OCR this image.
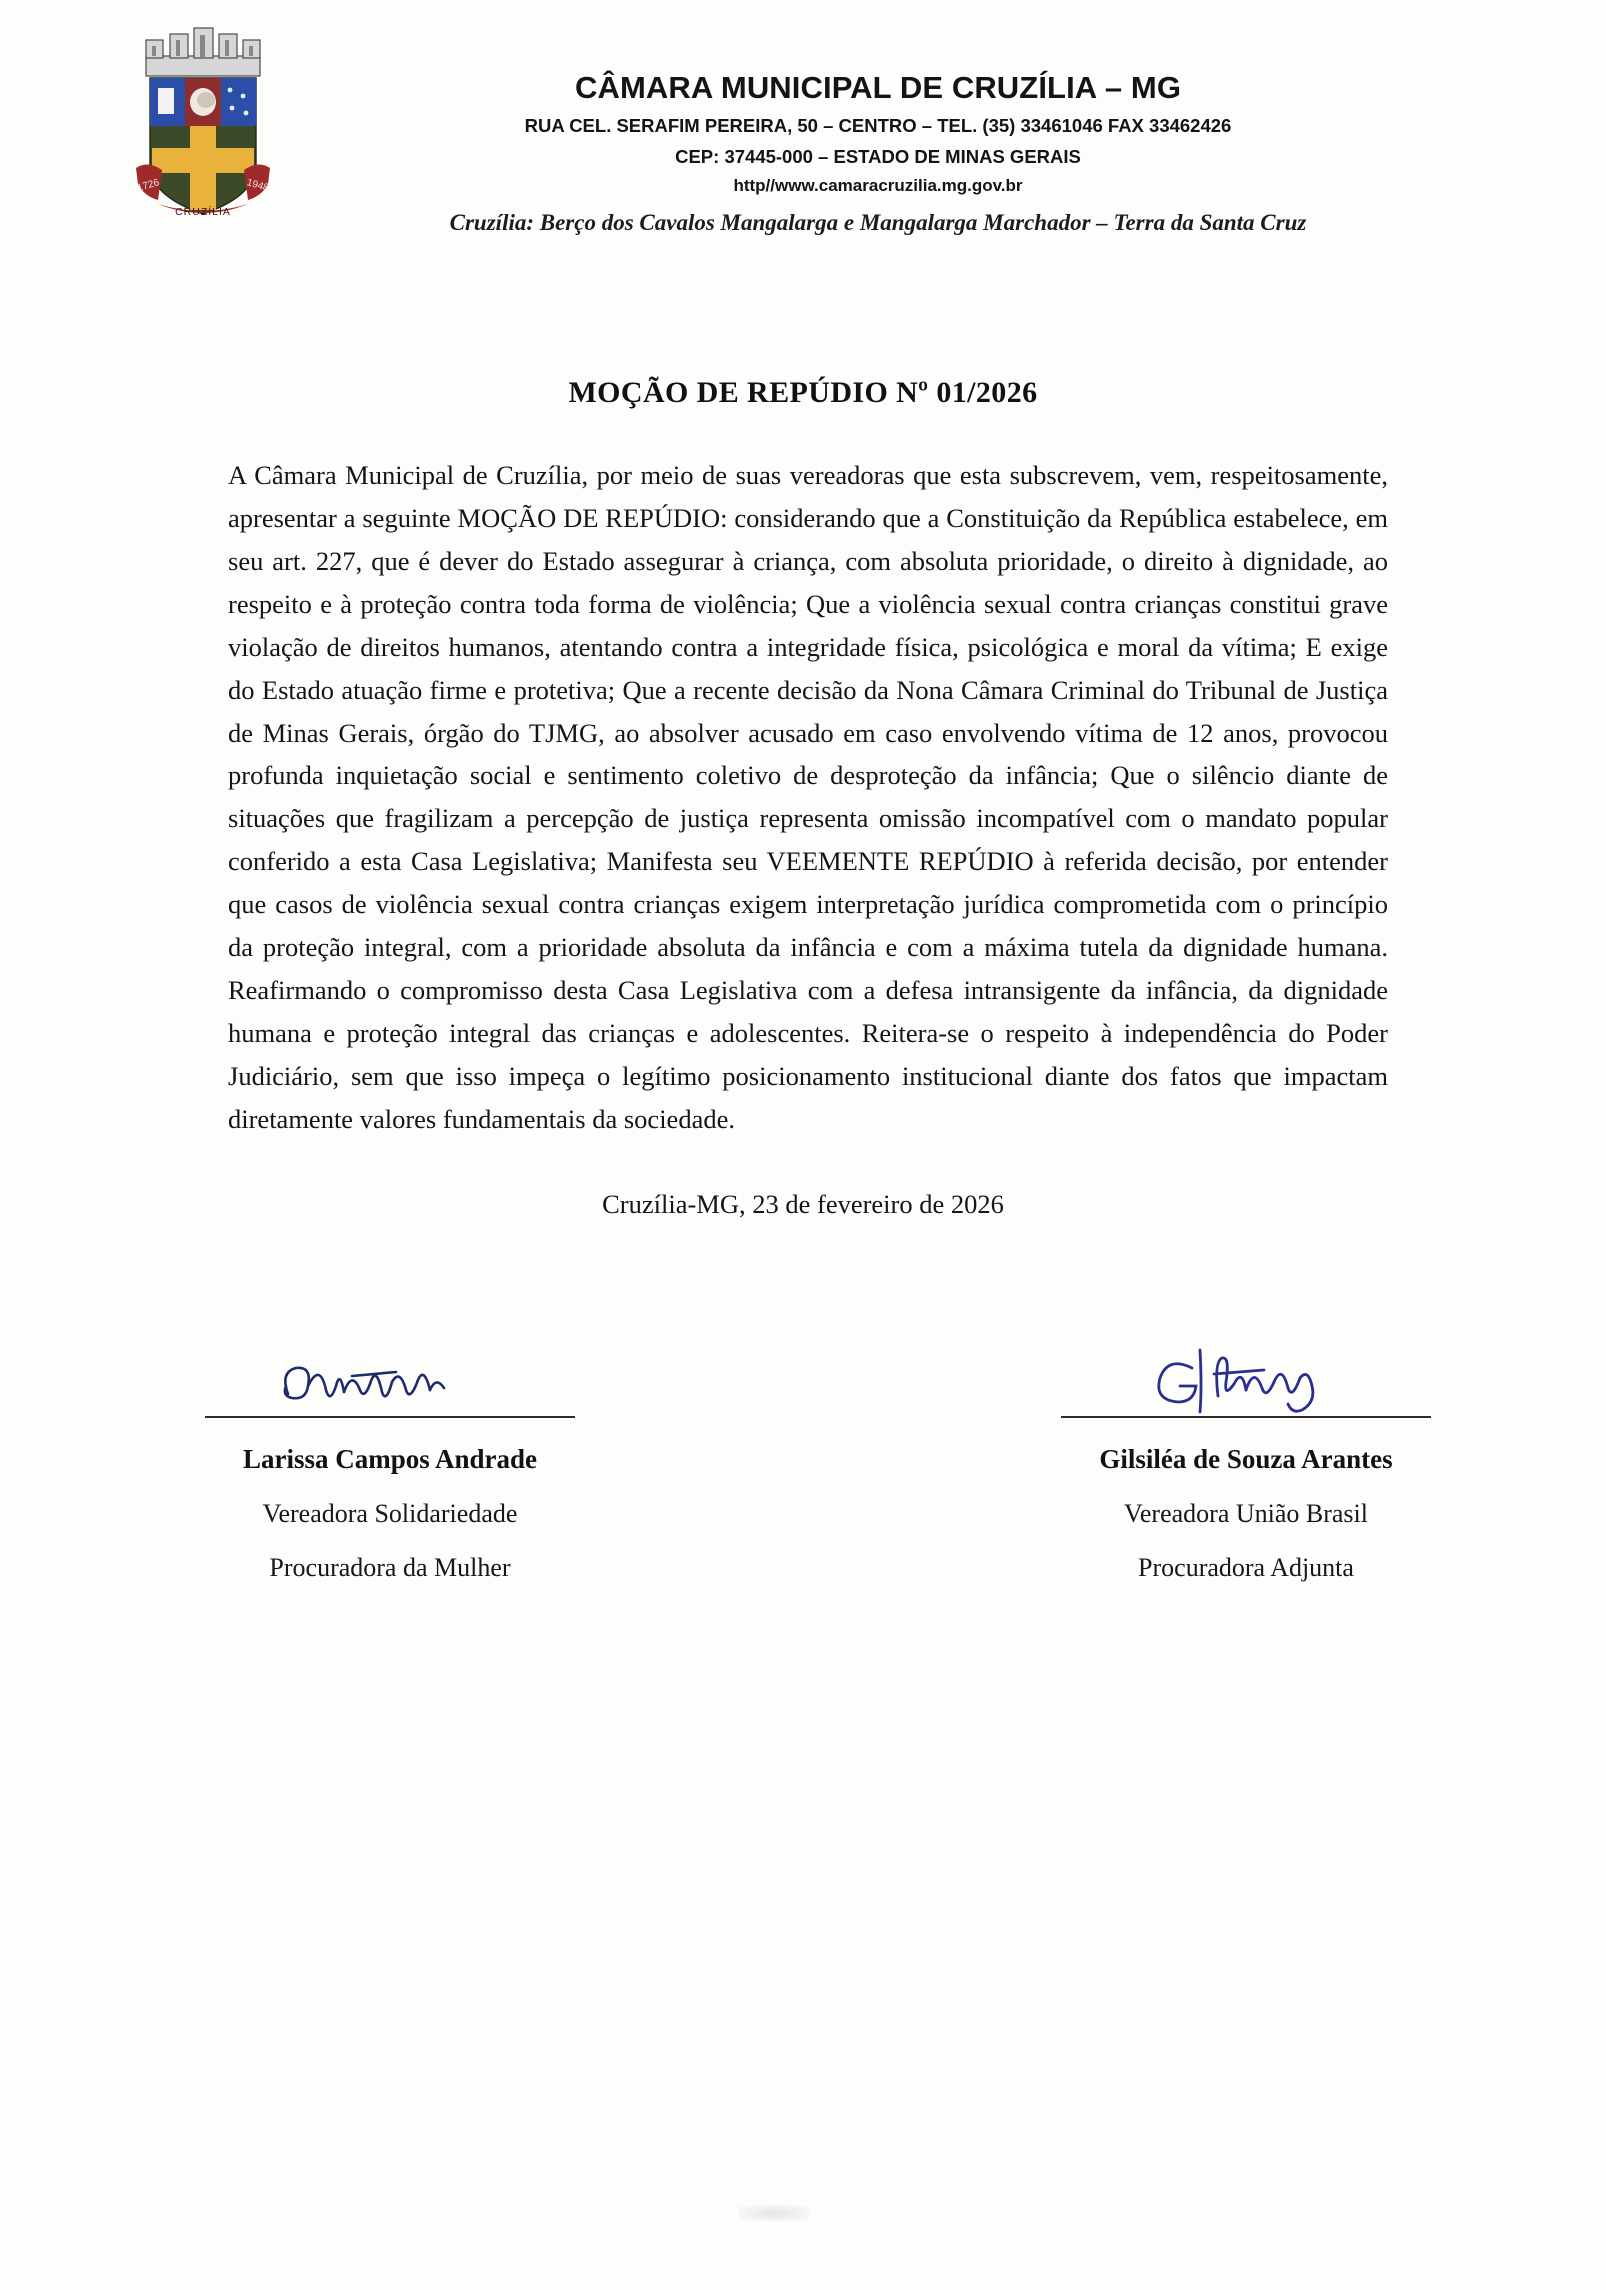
1726	1948
CRUZÍLIA
CÂMARA MUNICIPAL DE CRUZÍLIA – MG
RUA CEL. SERAFIM PEREIRA, 50 – CENTRO – TEL. (35) 33461046 FAX 33462426
CEP: 37445-000 – ESTADO DE MINAS GERAIS
http//www.camaracruzilia.mg.gov.br
Cruzília: Berço dos Cavalos Mangalarga e Mangalarga Marchador – Terra da Santa Cruz
MOÇÃO DE REPÚDIO Nº 01/2026
A Câmara Municipal de Cruzília, por meio de suas vereadoras que esta subscrevem, vem, respeitosamente, apresentar a seguinte MOÇÃO DE REPÚDIO: considerando que a Constituição da República estabelece, em seu art. 227, que é dever do Estado assegurar à criança, com absoluta prioridade, o direito à dignidade, ao respeito e à proteção contra toda forma de violência; Que a violência sexual contra crianças constitui grave violação de direitos humanos, atentando contra a integridade física, psicológica e moral da vítima; E exige do Estado atuação firme e protetiva; Que a recente decisão da Nona Câmara Criminal do Tribunal de Justiça de Minas Gerais, órgão do TJMG, ao absolver acusado em caso envolvendo vítima de 12 anos, provocou profunda inquietação social e sentimento coletivo de desproteção da infância; Que o silêncio diante de situações que fragilizam a percepção de justiça representa omissão incompatível com o mandato popular conferido a esta Casa Legislativa; Manifesta seu VEEMENTE REPÚDIO à referida decisão, por entender que casos de violência sexual contra crianças exigem interpretação jurídica comprometida com o princípio da proteção integral, com a prioridade absoluta da infância e com a máxima tutela da dignidade humana. Reafirmando o compromisso desta Casa Legislativa com a defesa intransigente da infância, da dignidade humana e proteção integral das crianças e adolescentes. Reitera-se o respeito à independência do Poder Judiciário, sem que isso impeça o legítimo posicionamento institucional diante dos fatos que impactam diretamente valores fundamentais da sociedade.
Cruzília-MG, 23 de fevereiro de 2026
Larissa Campos Andrade
Vereadora Solidariedade
Procuradora da Mulher
Gilsiléa de Souza Arantes
Vereadora União Brasil
Procuradora Adjunta
